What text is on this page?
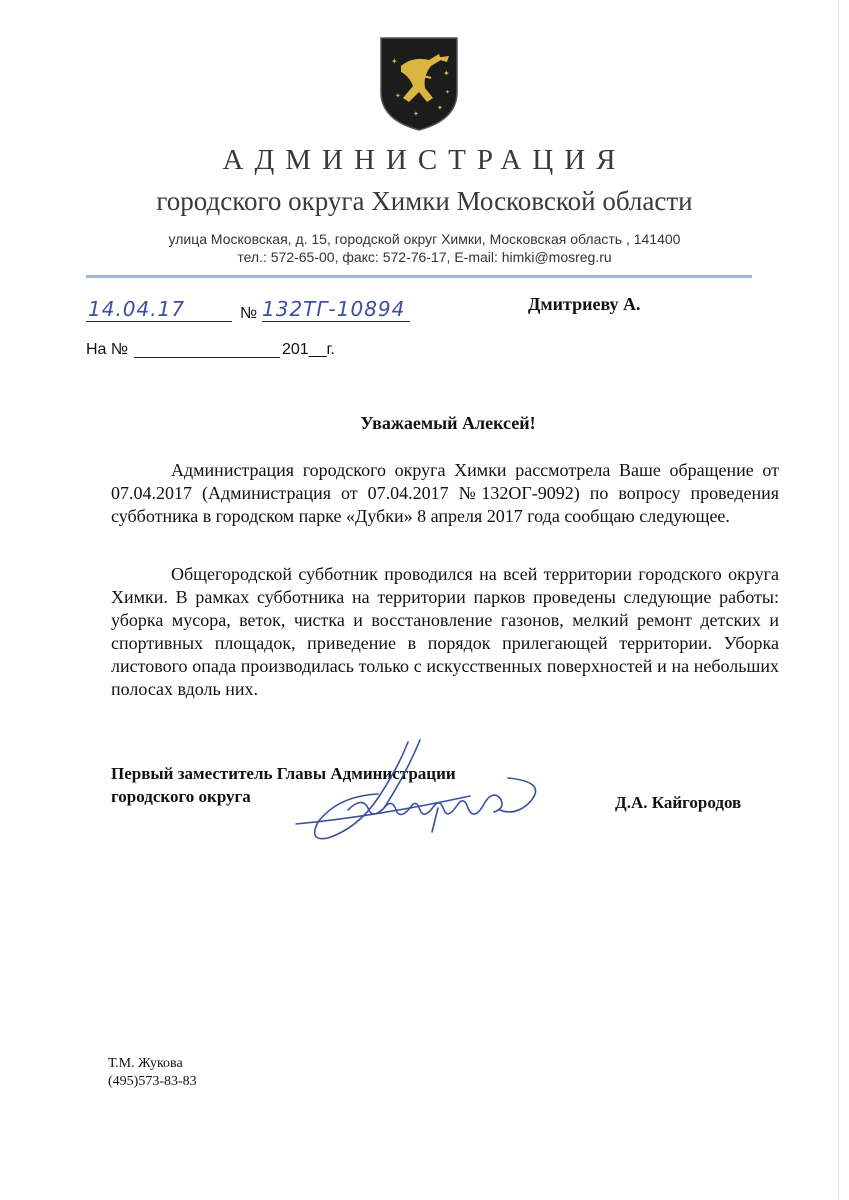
✦
✦
✦
✦
✦
✦
АДМИНИСТРАЦИЯ
городского округа Химки Московской области
улица Московская, д. 15, городской округ Химки, Московская область , 141400
тел.: 572-65-00, факс: 572-76-17, E-mail: himki@mosreg.ru
14.04.17	№ 132ТГ-10894
На №	201__г.
Дмитриеву А.
Уважаемый Алексей!

Администрация городского округа Химки рассмотрела Ваше обращение от 07.04.2017 (Администрация от 07.04.2017 №132ОГ-9092) по вопросу проведения субботника в городском парке «Дубки» 8 апреля 2017 года сообщаю следующее.

Общегородской субботник проводился на всей территории городского округа Химки. В рамках субботника на территории парков проведены следующие работы: уборка мусора, веток, чистка и восстановление газонов, мелкий ремонт детских и спортивных площадок, приведение в порядок прилегающей территории. Уборка листового опада производилась только с искусственных поверхностей и на небольших полосах вдоль них.

Первый заместитель Главы Администрации
городского округа	Д.А. Кайгородов
Т.М. Жукова
(495)573-83-83
